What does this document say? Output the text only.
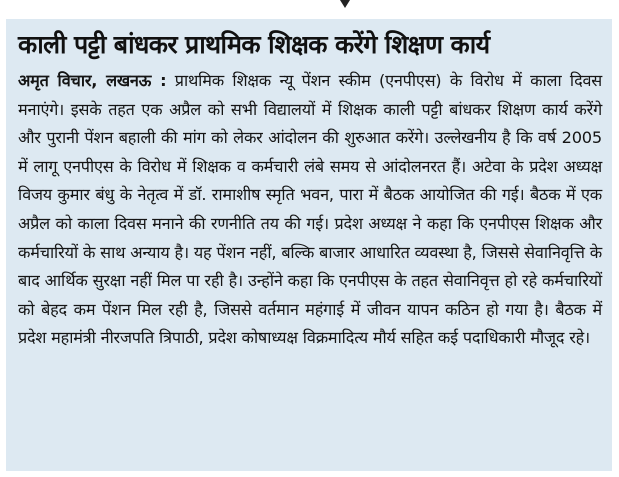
काली पट्टी बांधकर प्राथमिक शिक्षक करेंगे शिक्षण कार्य

अमृत विचार, लखनऊ : प्राथमिक शिक्षक न्यू पेंशन स्कीम (एनपीएस) के विरोध में काला दिवस मनाएंगे। इसके तहत एक अप्रैल को सभी विद्यालयों में शिक्षक काली पट्टी बांधकर शिक्षण कार्य करेंगे और पुरानी पेंशन बहाली की मांग को लेकर आंदोलन की शुरुआत करेंगे। उल्लेखनीय है कि वर्ष 2005 में लागू एनपीएस के विरोध में शिक्षक व कर्मचारी लंबे समय से आंदोलनरत हैं। अटेवा के प्रदेश अध्यक्ष विजय कुमार बंधु के नेतृत्व में डॉ. रामाशीष स्मृति भवन, पारा में बैठक आयोजित की गई। बैठक में एक अप्रैल को काला दिवस मनाने की रणनीति तय की गई। प्रदेश अध्यक्ष ने कहा कि एनपीएस शिक्षक और कर्मचारियों के साथ अन्याय है। यह पेंशन नहीं, बल्कि बाजार आधारित व्यवस्था है, जिससे सेवानिवृत्ति के बाद आर्थिक सुरक्षा नहीं मिल पा रही है। उन्होंने कहा कि एनपीएस के तहत सेवानिवृत्त हो रहे कर्मचारियों को बेहद कम पेंशन मिल रही है, जिससे वर्तमान महंगाई में जीवन यापन कठिन हो गया है। बैठक में प्रदेश महामंत्री नीरजपति त्रिपाठी, प्रदेश कोषाध्यक्ष विक्रमादित्य मौर्य सहित कई पदाधिकारी मौजूद रहे।
